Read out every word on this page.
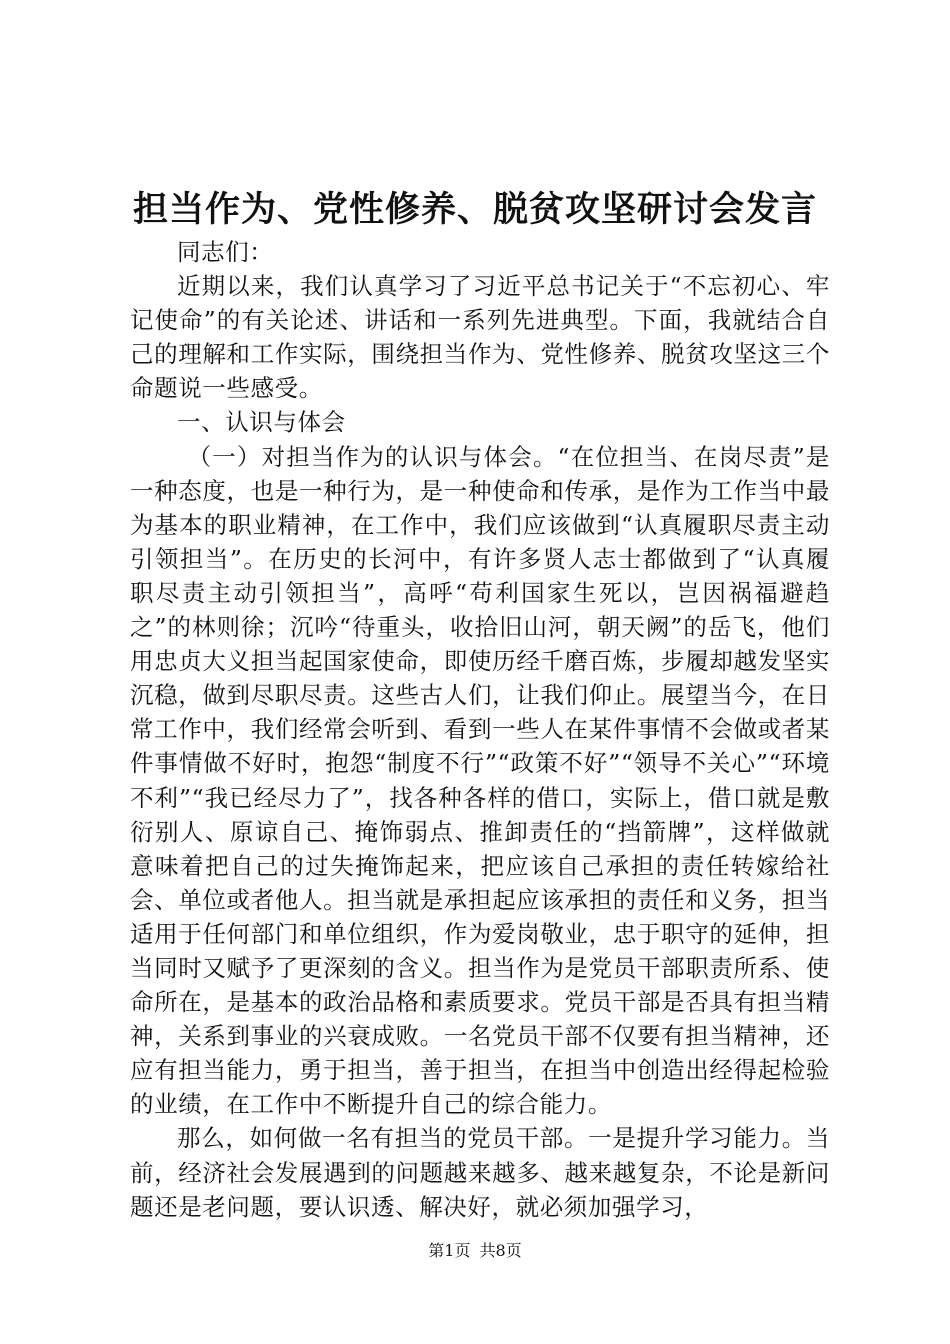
担当作为、党性修养、脱贫攻坚研讨会发言

同志们：

近期以来，我们认真学习了习近平总书记关于“不忘初心、牢记使命”的有关论述、讲话和一系列先进典型。下面，我就结合自己的理解和工作实际，围绕担当作为、党性修养、脱贫攻坚这三个命题说一些感受。

一、认识与体会

（一）对担当作为的认识与体会。“在位担当、在岗尽责”是一种态度，也是一种行为，是一种使命和传承，是作为工作当中最为基本的职业精神，在工作中，我们应该做到“认真履职尽责主动引领担当”。在历史的长河中，有许多贤人志士都做到了“认真履职尽责主动引领担当”，高呼“苟利国家生死以，岂因祸福避趋之”的林则徐；沉吟“待重头，收拾旧山河，朝天阙”的岳飞，他们用忠贞大义担当起国家使命，即使历经千磨百炼，步履却越发坚实沉稳，做到尽职尽责。这些古人们，让我们仰止。展望当今，在日常工作中，我们经常会听到、看到一些人在某件事情不会做或者某件事情做不好时，抱怨“制度不行”“政策不好”“领导不关心”“环境不利”“我已经尽力了”，找各种各样的借口，实际上，借口就是敷衍别人、原谅自己、掩饰弱点、推卸责任的“挡箭牌”，这样做就意味着把自己的过失掩饰起来，把应该自己承担的责任转嫁给社会、单位或者他人。担当就是承担起应该承担的责任和义务，担当适用于任何部门和单位组织，作为爱岗敬业，忠于职守的延伸，担当同时又赋予了更深刻的含义。担当作为是党员干部职责所系、使命所在，是基本的政治品格和素质要求。党员干部是否具有担当精神，关系到事业的兴衰成败。一名党员干部不仅要有担当精神，还应有担当能力，勇于担当，善于担当，在担当中创造出经得起检验的业绩，在工作中不断提升自己的综合能力。

那么，如何做一名有担当的党员干部。一是提升学习能力。当前，经济社会发展遇到的问题越来越多、越来越复杂，不论是新问题还是老问题，要认识透、解决好，就必须加强学习，

第1页 共8页
